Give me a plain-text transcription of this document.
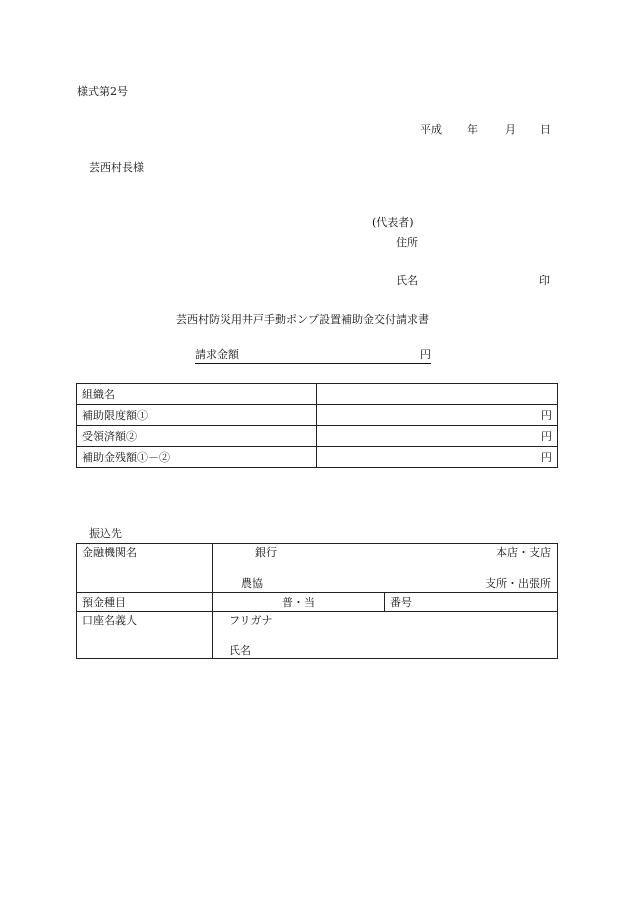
様式第2号
平成 年 月 日
芸西村長様
(代表者)
住所
氏名	印
芸西村防災用井戸手動ポンプ設置補助金交付請求書
請求金額	円
組織名	
補助限度額①	円
受領済額②	円
補助金残額①－②	円
振込先
金融機関名	銀行 本店・支店
農協 支所・出張所	

預金種目	普・当	番号
口座名義人	フリガナ
氏名	
